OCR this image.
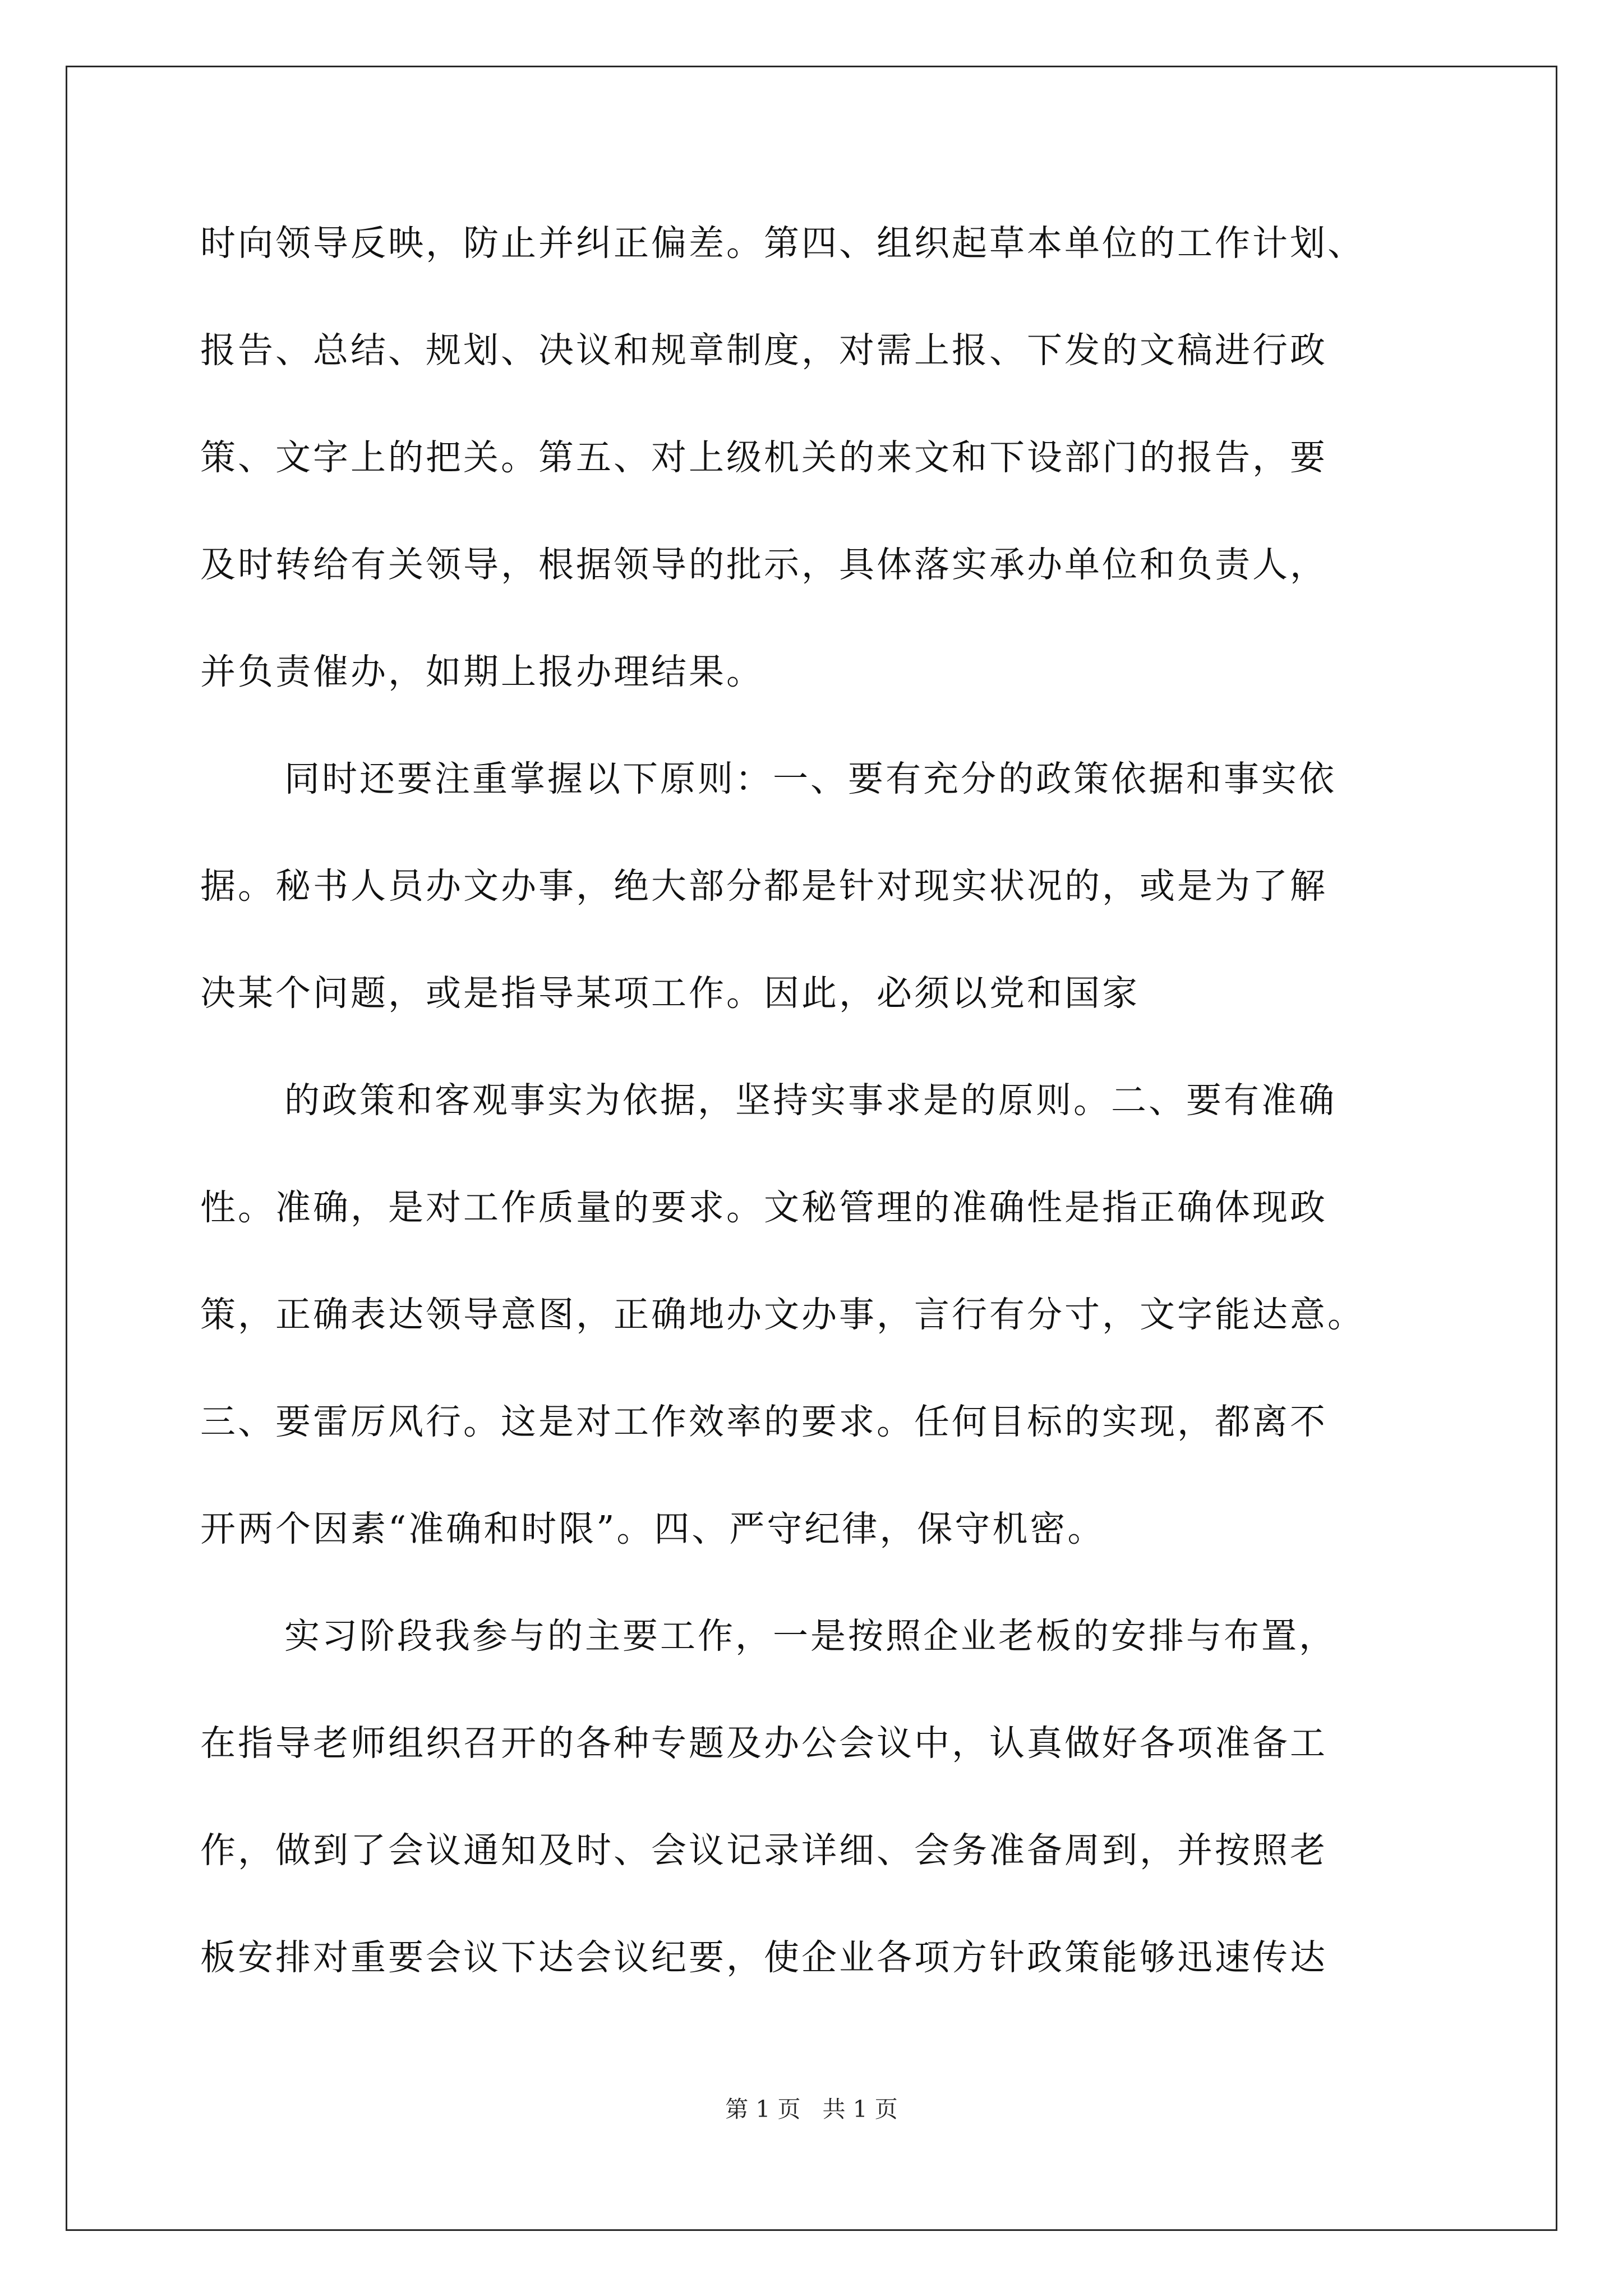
时向领导反映，防止并纠正偏差。第四、组织起草本单位的工作计划、
报告、总结、规划、决议和规章制度，对需上报、下发的文稿进行政
策、文字上的把关。第五、对上级机关的来文和下设部门的报告，要
及时转给有关领导，根据领导的批示，具体落实承办单位和负责人，
并负责催办，如期上报办理结果。
同时还要注重掌握以下原则：一、要有充分的政策依据和事实依
据。秘书人员办文办事，绝大部分都是针对现实状况的，或是为了解
决某个问题，或是指导某项工作。因此，必须以党和国家
的政策和客观事实为依据，坚持实事求是的原则。二、要有准确
性。准确，是对工作质量的要求。文秘管理的准确性是指正确体现政
策，正确表达领导意图，正确地办文办事，言行有分寸，文字能达意。
三、要雷厉风行。这是对工作效率的要求。任何目标的实现，都离不
开两个因素“准确和时限”。四、严守纪律，保守机密。
实习阶段我参与的主要工作，一是按照企业老板的安排与布置，
在指导老师组织召开的各种专题及办公会议中，认真做好各项准备工
作，做到了会议通知及时、会议记录详细、会务准备周到，并按照老
板安排对重要会议下达会议纪要，使企业各项方针政策能够迅速传达
第 1 页   共 1 页
